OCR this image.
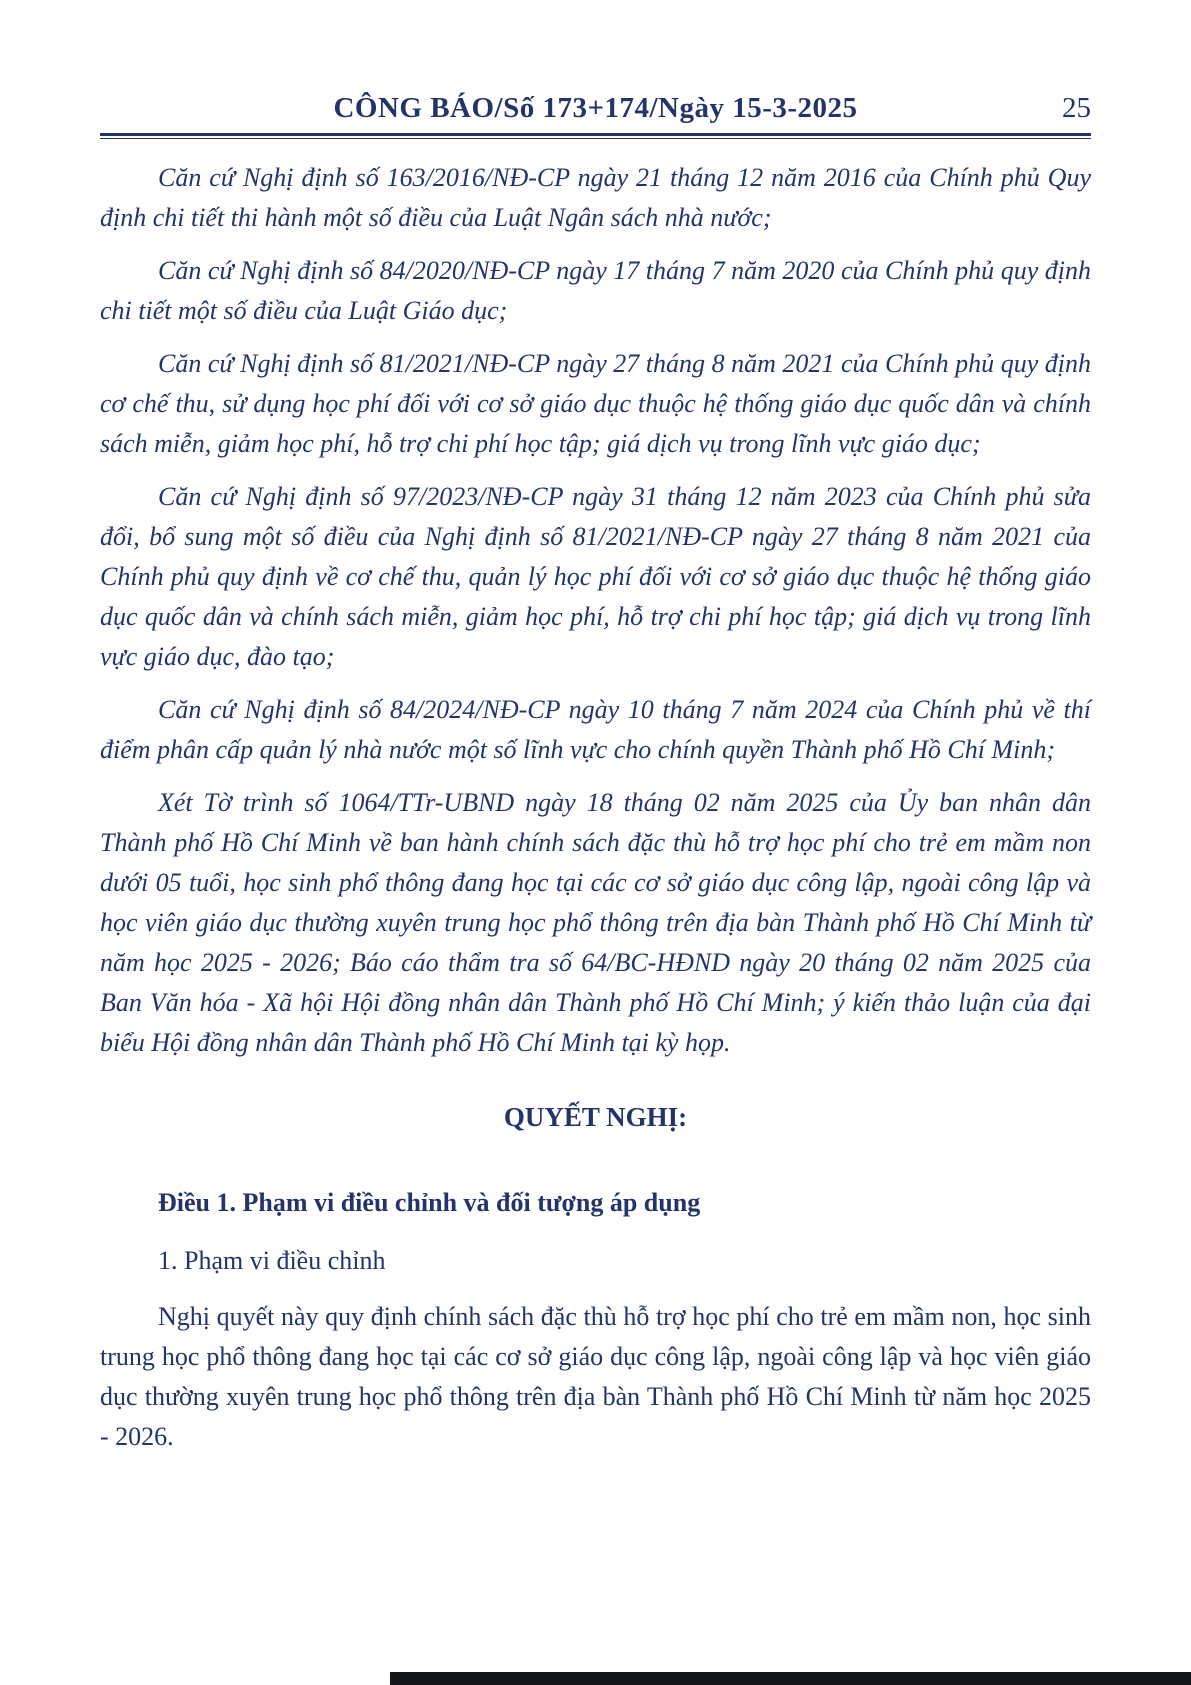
CÔNG BÁO/Số 173+174/Ngày 15-3-2025	25

Căn cứ Nghị định số 163/2016/NĐ-CP ngày 21 tháng 12 năm 2016 của Chính phủ Quy định chi tiết thi hành một số điều của Luật Ngân sách nhà nước;

Căn cứ Nghị định số 84/2020/NĐ-CP ngày 17 tháng 7 năm 2020 của Chính phủ quy định chi tiết một số điều của Luật Giáo dục;

Căn cứ Nghị định số 81/2021/NĐ-CP ngày 27 tháng 8 năm 2021 của Chính phủ quy định cơ chế thu, sử dụng học phí đối với cơ sở giáo dục thuộc hệ thống giáo dục quốc dân và chính sách miễn, giảm học phí, hỗ trợ chi phí học tập; giá dịch vụ trong lĩnh vực giáo dục;

Căn cứ Nghị định số 97/2023/NĐ-CP ngày 31 tháng 12 năm 2023 của Chính phủ sửa đổi, bổ sung một số điều của Nghị định số 81/2021/NĐ-CP ngày 27 tháng 8 năm 2021 của Chính phủ quy định về cơ chế thu, quản lý học phí đối với cơ sở giáo dục thuộc hệ thống giáo dục quốc dân và chính sách miễn, giảm học phí, hỗ trợ chi phí học tập; giá dịch vụ trong lĩnh vực giáo dục, đào tạo;

Căn cứ Nghị định số 84/2024/NĐ-CP ngày 10 tháng 7 năm 2024 của Chính phủ về thí điểm phân cấp quản lý nhà nước một số lĩnh vực cho chính quyền Thành phố Hồ Chí Minh;

Xét Tờ trình số 1064/TTr-UBND ngày 18 tháng 02 năm 2025 của Ủy ban nhân dân Thành phố Hồ Chí Minh về ban hành chính sách đặc thù hỗ trợ học phí cho trẻ em mầm non dưới 05 tuổi, học sinh phổ thông đang học tại các cơ sở giáo dục công lập, ngoài công lập và học viên giáo dục thường xuyên trung học phổ thông trên địa bàn Thành phố Hồ Chí Minh từ năm học 2025 - 2026; Báo cáo thẩm tra số 64/BC-HĐND ngày 20 tháng 02 năm 2025 của Ban Văn hóa - Xã hội Hội đồng nhân dân Thành phố Hồ Chí Minh; ý kiến thảo luận của đại biểu Hội đồng nhân dân Thành phố Hồ Chí Minh tại kỳ họp.

QUYẾT NGHỊ:
Điều 1. Phạm vi điều chỉnh và đối tượng áp dụng

1. Phạm vi điều chỉnh

Nghị quyết này quy định chính sách đặc thù hỗ trợ học phí cho trẻ em mầm non, học sinh trung học phổ thông đang học tại các cơ sở giáo dục công lập, ngoài công lập và học viên giáo dục thường xuyên trung học phổ thông trên địa bàn Thành phố Hồ Chí Minh từ năm học 2025 - 2026.
